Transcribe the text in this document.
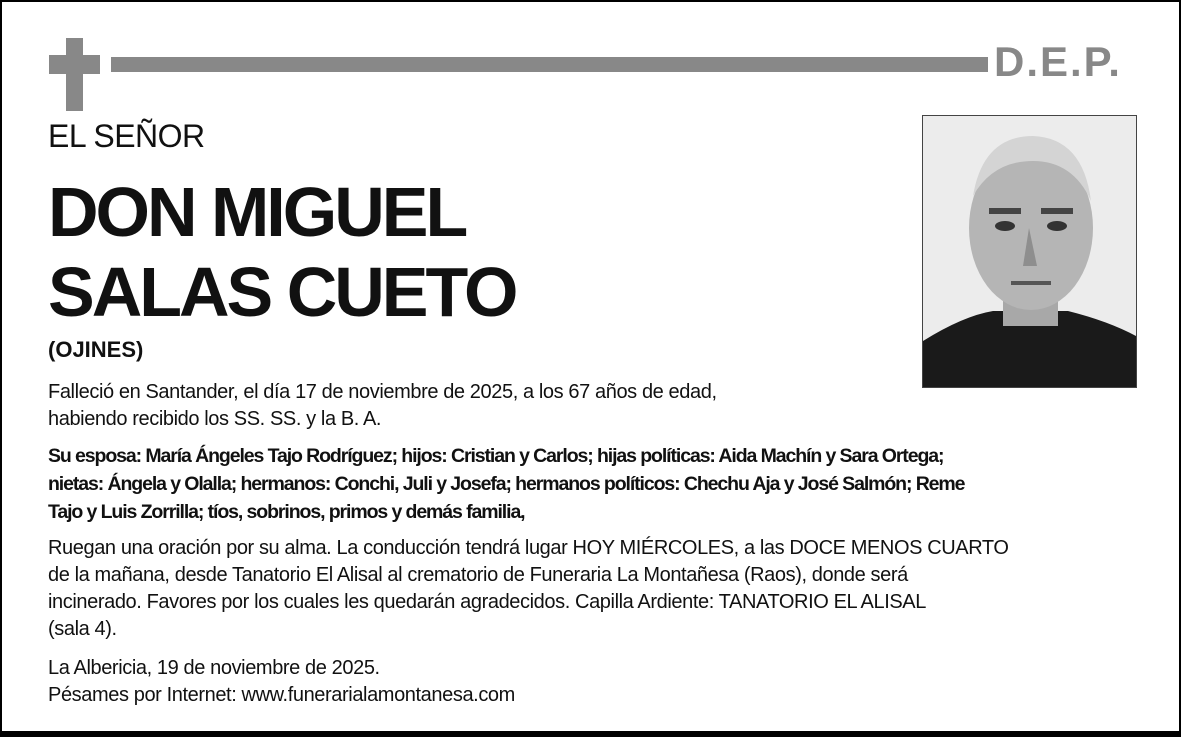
D.E.P.
EL SEÑOR
DON MIGUEL
SALAS CUETO
(OJINES)
Falleció en Santander, el día 17 de noviembre de 2025, a los 67 años de edad,
habiendo recibido los SS. SS. y la B. A.
Su esposa: María Ángeles Tajo Rodríguez; hijos: Cristian y Carlos; hijas políticas: Aida Machín y Sara Ortega;
nietas: Ángela y Olalla; hermanos: Conchi, Juli y Josefa; hermanos políticos: Chechu Aja y José Salmón; Reme
Tajo y Luis Zorrilla; tíos, sobrinos, primos y demás familia,
Ruegan una oración por su alma. La conducción tendrá lugar HOY MIÉRCOLES, a las DOCE MENOS CUARTO
de la mañana, desde Tanatorio El Alisal al crematorio de Funeraria La Montañesa (Raos), donde será
incinerado. Favores por los cuales les quedarán agradecidos. Capilla Ardiente: TANATORIO EL ALISAL
(sala 4).
La Albericia, 19 de noviembre de 2025.
Pésames por Internet: www.funerarialamontanesa.com
